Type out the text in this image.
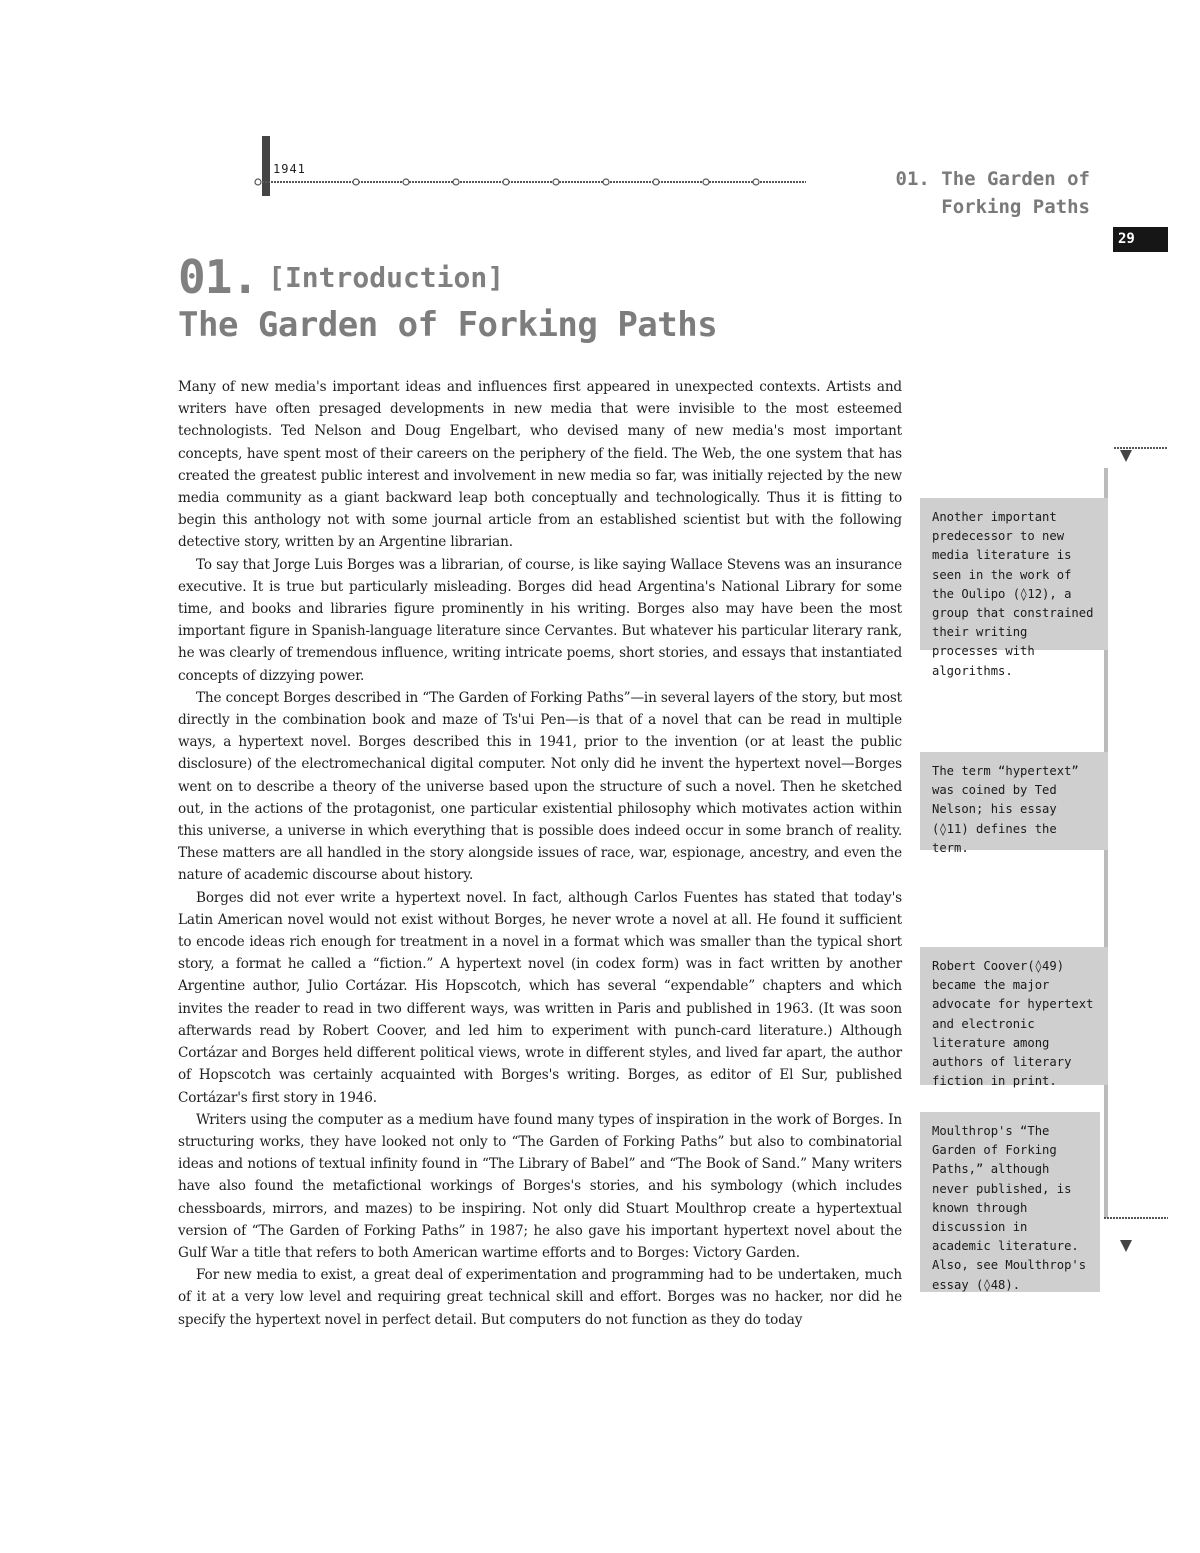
1941	01. The Garden of
Forking Paths
29
01. [Introduction]
The Garden of Forking Paths

Many of new media's important ideas and influences first appeared in unexpected contexts. Artists and writers have often presaged developments in new media that were invisible to the most esteemed technologists. Ted Nelson and Doug Engelbart, who devised many of new media's most important concepts, have spent most of their careers on the periphery of the field. The Web, the one system that has created the greatest public interest and involvement in new media so far, was initially rejected by the new media community as a giant backward leap both conceptually and technologically. Thus it is fitting to begin this anthology not with some journal article from an established scientist but with the following detective story, written by an Argentine librarian.

To say that Jorge Luis Borges was a librarian, of course, is like saying Wallace Stevens was an insurance executive. It is true but particularly misleading. Borges did head Argentina's National Library for some time, and books and libraries figure prominently in his writing. Borges also may have been the most important figure in Spanish-language literature since Cervantes. But whatever his particular literary rank, he was clearly of tremendous influence, writing intricate poems, short stories, and essays that instantiated concepts of dizzying power.

The concept Borges described in “The Garden of Forking Paths”—in several layers of the story, but most directly in the combination book and maze of Ts'ui Pen—is that of a novel that can be read in multiple ways, a hypertext novel. Borges described this in 1941, prior to the invention (or at least the public disclosure) of the electromechanical digital computer. Not only did he invent the hypertext novel—Borges went on to describe a theory of the universe based upon the structure of such a novel. Then he sketched out, in the actions of the protagonist, one particular existential philosophy which motivates action within this universe, a universe in which everything that is possible does indeed occur in some branch of reality. These matters are all handled in the story alongside issues of race, war, espionage, ancestry, and even the nature of academic discourse about history.

Borges did not ever write a hypertext novel. In fact, although Carlos Fuentes has stated that today's Latin American novel would not exist without Borges, he never wrote a novel at all. He found it sufficient to encode ideas rich enough for treatment in a novel in a format which was smaller than the typical short story, a format he called a “fiction.” A hypertext novel (in codex form) was in fact written by another Argentine author, Julio Cortázar. His Hopscotch, which has several “expendable” chapters and which invites the reader to read in two different ways, was written in Paris and published in 1963. (It was soon afterwards read by Robert Coover, and led him to experiment with punch-card literature.) Although Cortázar and Borges held different political views, wrote in different styles, and lived far apart, the author of Hopscotch was certainly acquainted with Borges's writing. Borges, as editor of El Sur, published Cortázar's first story in 1946.

Writers using the computer as a medium have found many types of inspiration in the work of Borges. In structuring works, they have looked not only to “The Garden of Forking Paths” but also to combinatorial ideas and notions of textual infinity found in “The Library of Babel” and “The Book of Sand.” Many writers have also found the metafictional workings of Borges's stories, and his symbology (which includes chessboards, mirrors, and mazes) to be inspiring. Not only did Stuart Moulthrop create a hypertextual version of “The Garden of Forking Paths” in 1987; he also gave his important hypertext novel about the Gulf War a title that refers to both American wartime efforts and to Borges: Victory Garden.

For new media to exist, a great deal of experimentation and programming had to be undertaken, much of it at a very low level and requiring great technical skill and effort. Borges was no hacker, nor did he specify the hypertext novel in perfect detail. But computers do not function as they do today

Another important predecessor to new media literature is seen in the work of the Oulipo (◊12), a group that constrained their writing processes with algorithms.
The term “hypertext” was coined by Ted Nelson; his essay (◊11) defines the term.
Robert Coover(◊49) became the major advocate for hypertext and electronic literature among authors of literary fiction in print.
Moulthrop's “The Garden of Forking Paths,” although never published, is known through discussion in academic literature. Also, see Moulthrop's essay (◊48).
